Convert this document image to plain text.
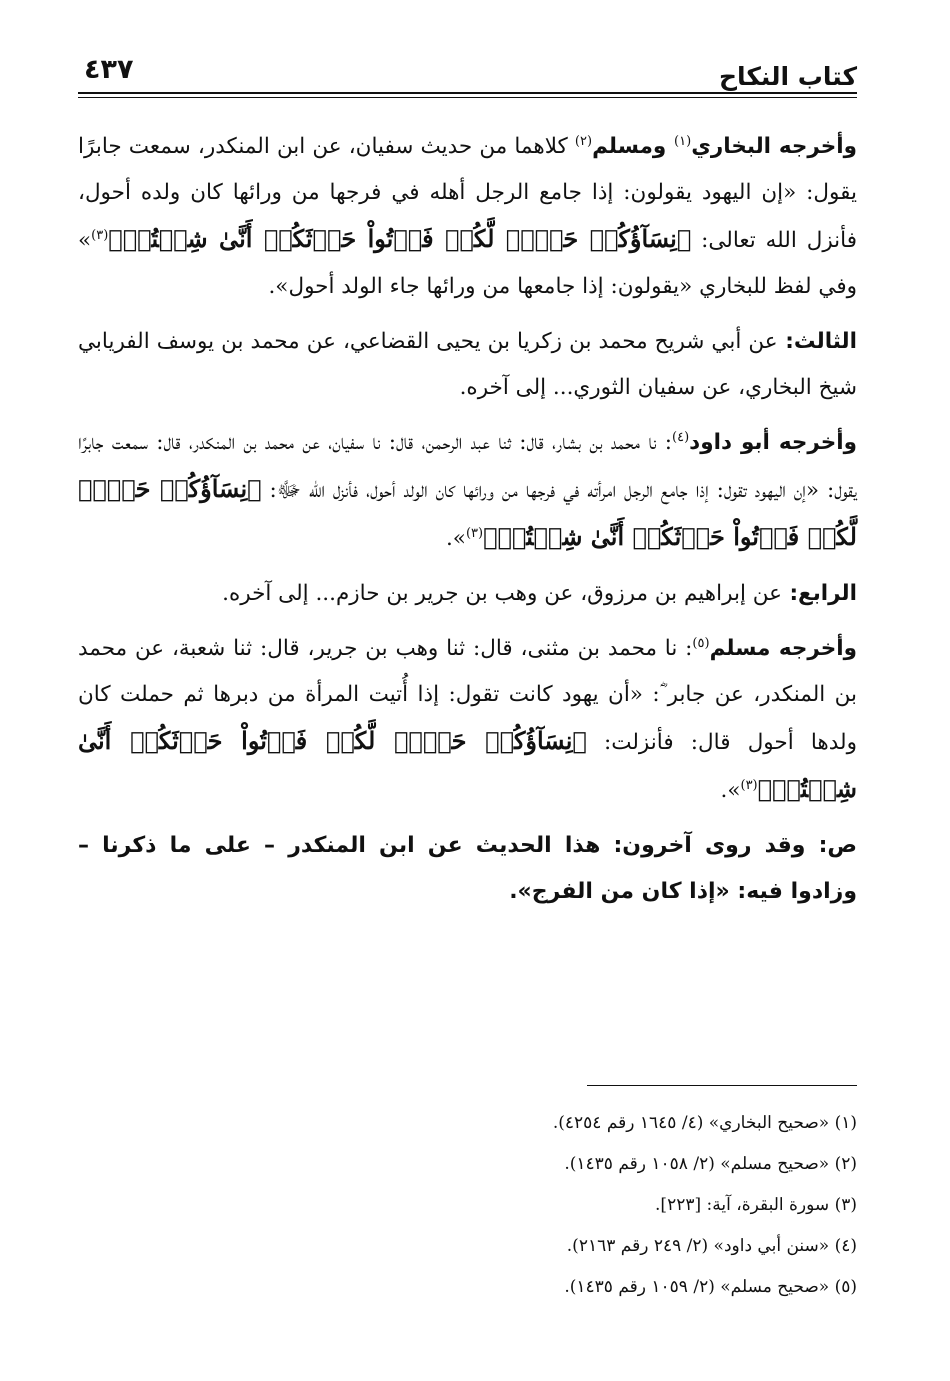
كتاب النكاح
٤٣٧

وأخرجه البخاري$^{(١)}$ ومسلم$^{(٢)}$ كلاهما من حديث سفيان، عن ابن المنكدر، سمعت جابرًا يقول: «إن اليهود يقولون: إذا جامع الرجل أهله في فرجها من ورائها كان ولده أحول، فأنزل الله تعالى: ﴿نِسَآؤُكُمۡ حَرۡثٞ لَّكُمۡ فَأۡتُواْ حَرۡثَكُمۡ أَنَّىٰ شِئۡتُمۡ﴾$^{(٣)}$» وفي لفظ للبخاري «يقولون: إذا جامعها من ورائها جاء الولد أحول».

الثالث: عن أبي شريح محمد بن زكريا بن يحيى القضاعي، عن محمد بن يوسف الفريابي شيخ البخاري، عن سفيان الثوري... إلى آخره.

وأخرجه أبو داود$^{(٤)}$: نا محمد بن بشار، قال: ثنا عبد الرحمن، قال: نا سفيان، عن محمد بن المنكدر، قال: سمعت جابرًا يقول: «إن اليهود تقول: إذا جامع الرجل امرأته في فرجها من ورائها كان الولد أحول، فأنزل الله ﷻ: ﴿نِسَآؤُكُمۡ حَرۡثٞ لَّكُمۡ فَأۡتُواْ حَرۡثَكُمۡ أَنَّىٰ شِئۡتُمۡ﴾$^{(٣)}$».

الرابع: عن إبراهيم بن مرزوق، عن وهب بن جرير بن حازم... إلى آخره.

وأخرجه مسلم$^{(٥)}$: نا محمد بن مثنى، قال: ثنا وهب بن جرير، قال: ثنا شعبة، عن محمد بن المنكدر، عن جابر ؓ: «أن يهود كانت تقول: إذا أُتيت المرأة من دبرها ثم حملت كان ولدها أحول قال: فأنزلت: ﴿نِسَآؤُكُمۡ حَرۡثٞ لَّكُمۡ فَأۡتُواْ حَرۡثَكُمۡ أَنَّىٰ شِئۡتُمۡ﴾$^{(٣)}$».

ص: وقد روى آخرون: هذا الحديث عن ابن المنكدر – على ما ذكرنا – وزادوا فيه: «إذا كان من الفرج».

(١) «صحيح البخاري» (٤/ ١٦٤٥ رقم ٤٢٥٤).

(٢) «صحيح مسلم» (٢/ ١٠٥٨ رقم ١٤٣٥).

(٣) سورة البقرة، آية: [٢٢٣].

(٤) «سنن أبي داود» (٢/ ٢٤٩ رقم ٢١٦٣).

(٥) «صحيح مسلم» (٢/ ١٠٥٩ رقم ١٤٣٥).
